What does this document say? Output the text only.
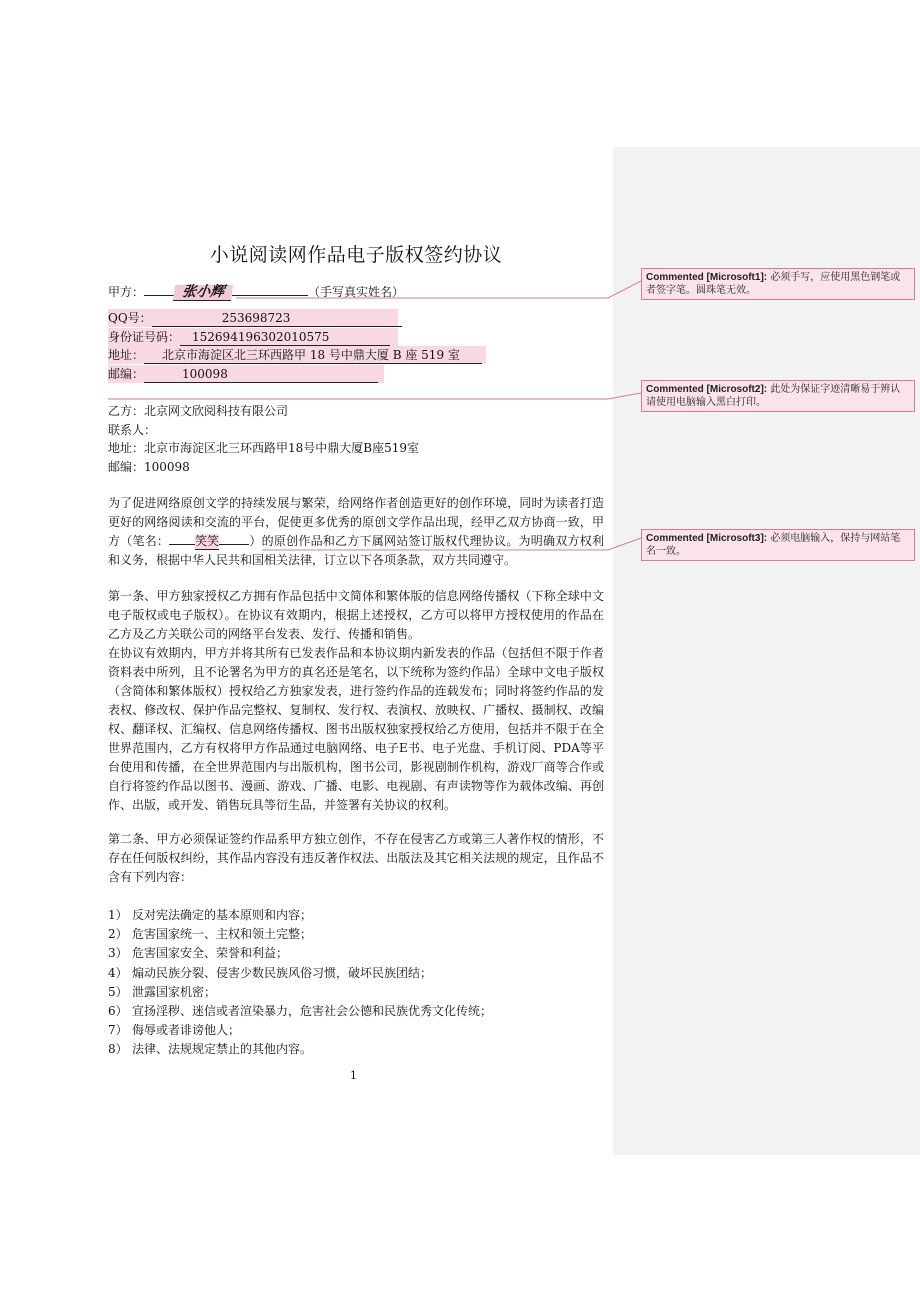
小说阅读网作品电子版权签约协议
甲方：	张小辉	（手写真实姓名）
QQ号：	253698723
身份证号码： 152694196302010575
地址： 北京市海淀区北三环西路甲 18 号中鼎大厦 B 座 519 室
邮编：	100098
乙方：北京网文欣阅科技有限公司
联系人：
地址：北京市海淀区北三环西路甲18号中鼎大厦B座519室
邮编：100098
为了促进网络原创文学的持续发展与繁荣，给网络作者创造更好的创作环境，同时为读者打造更好的网络阅读和交流的平台，促使更多优秀的原创文学作品出现，经甲乙双方协商一致，甲方（笔名： 笑笑	）的原创作品和乙方下属网站签订版权代理协议。为明确双方权利和义务，根据中华人民共和国相关法律，订立以下各项条款，双方共同遵守。
第一条、甲方独家授权乙方拥有作品包括中文简体和繁体版的信息网络传播权（下称全球中文电子版权或电子版权）。在协议有效期内，根据上述授权，乙方可以将甲方授权使用的作品在乙方及乙方关联公司的网络平台发表、发行、传播和销售。
在协议有效期内，甲方并将其所有已发表作品和本协议期内新发表的作品（包括但不限于作者资料表中所列，且不论署名为甲方的真名还是笔名，以下统称为签约作品）全球中文电子版权（含简体和繁体版权）授权给乙方独家发表，进行签约作品的连载发布；同时将签约作品的发表权、修改权、保护作品完整权、复制权、发行权、表演权、放映权、广播权、摄制权、改编权、翻译权、汇编权、信息网络传播权、图书出版权独家授权给乙方使用，包括并不限于在全世界范围内，乙方有权将甲方作品通过电脑网络、电子E书、电子光盘、手机订阅、PDA等平台使用和传播，在全世界范围内与出版机构，图书公司，影视剧制作机构，游戏厂商等合作或自行将签约作品以图书、漫画、游戏、广播、电影、电视剧、有声读物等作为载体改编、再创作、出版，或开发、销售玩具等衍生品，并签署有关协议的权利。
第二条、甲方必须保证签约作品系甲方独立创作，不存在侵害乙方或第三人著作权的情形，不存在任何版权纠纷，其作品内容没有违反著作权法、出版法及其它相关法规的规定，且作品不含有下列内容：
1） 反对宪法确定的基本原则和内容；
2） 危害国家统一、主权和领土完整；
3） 危害国家安全、荣誉和利益；
4） 煽动民族分裂、侵害少数民族风俗习惯，破坏民族团结；
5） 泄露国家机密；
6） 宣扬淫秽、迷信或者渲染暴力，危害社会公德和民族优秀文化传统；
7） 侮辱或者诽谤他人；
8） 法律、法规规定禁止的其他内容。
1
Commented [Microsoft1]: 必须手写，应使用黑色钢笔或者签字笔。圆珠笔无效。
Commented [Microsoft2]: 此处为保证字迹清晰易于辨认请使用电脑输入黑白打印。
Commented [Microsoft3]: 必须电脑输入，保持与网站笔名一致。
